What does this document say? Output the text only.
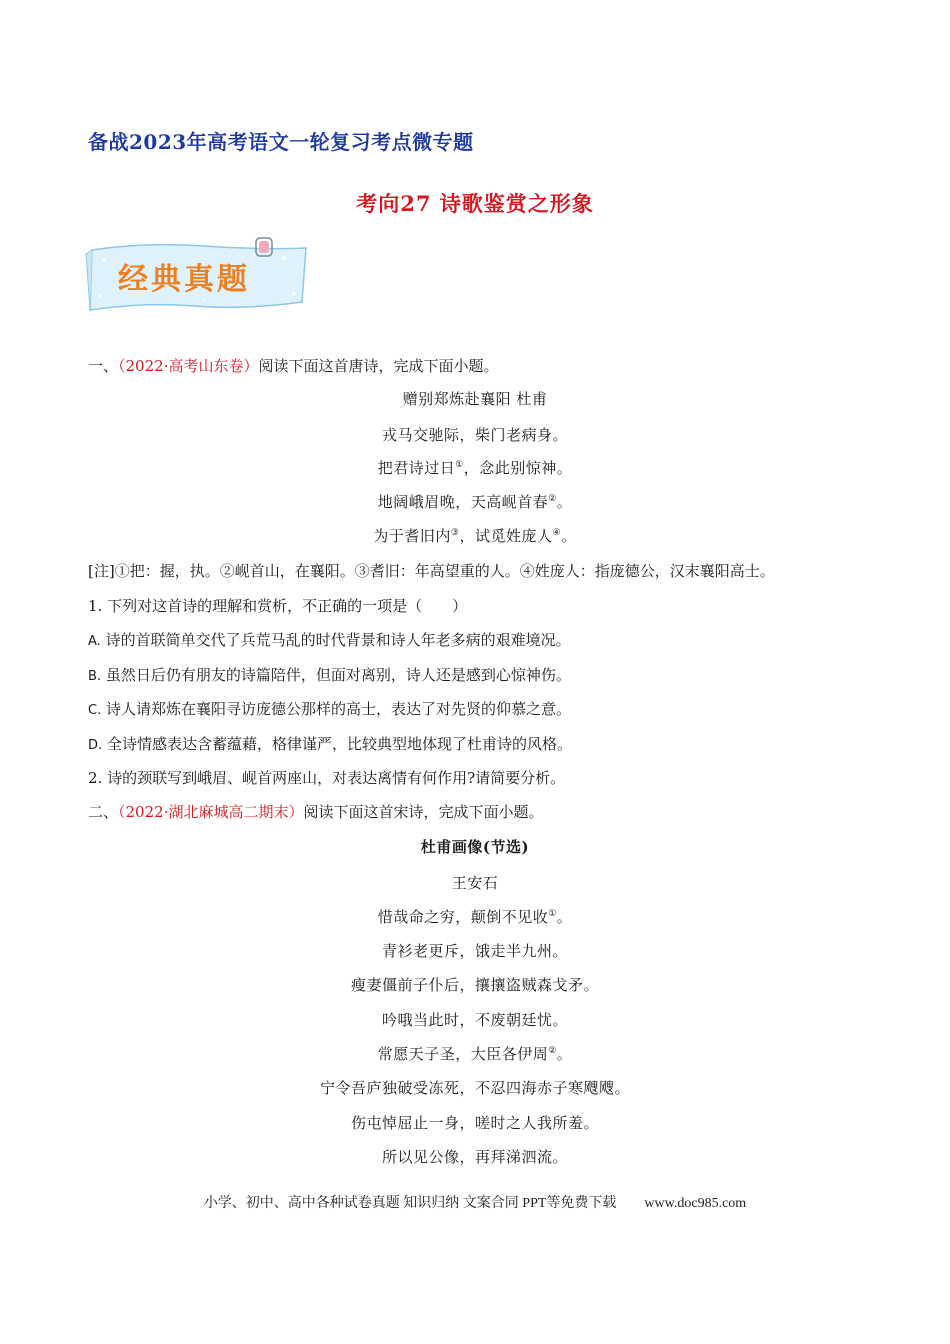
备战2023年高考语文一轮复习考点微专题
考向27 诗歌鉴赏之形象
经典真题
一、（2022·高考山东卷）阅读下面这首唐诗，完成下面小题。
赠别郑炼赴襄阳 杜甫
戎马交驰际，柴门老病身。
把君诗过日①，念此别惊神。
地阔峨眉晚，天高岘首春②。
为于耆旧内③，试觅姓庞人④。
[注]①把：握，执。②岘首山，在襄阳。③耆旧：年高望重的人。④姓庞人：指庞德公，汉末襄阳高士。
1. 下列对这首诗的理解和赏析，不正确的一项是（　　）
A. 诗的首联简单交代了兵荒马乱的时代背景和诗人年老多病的艰难境况。
B. 虽然日后仍有朋友的诗篇陪伴，但面对离别，诗人还是感到心惊神伤。
C. 诗人请郑炼在襄阳寻访庞德公那样的高士，表达了对先贤的仰慕之意。
D. 全诗情感表达含蓄蕴藉，格律谨严，比较典型地体现了杜甫诗的风格。
2. 诗的颈联写到峨眉、岘首两座山，对表达离情有何作用?请简要分析。
二、（2022·湖北麻城高二期末）阅读下面这首宋诗，完成下面小题。
杜甫画像(节选)
王安石
惜哉命之穷，颠倒不见收①。
青衫老更斥，饿走半九州。
瘦妻僵前子仆后，攘攘盗贼森戈矛。
吟哦当此时，不废朝廷忧。
常愿天子圣，大臣各伊周②。
宁令吾庐独破受冻死，不忍四海赤子寒飕飕。
伤屯悼屈止一身，嗟时之人我所羞。
所以见公像，再拜涕泗流。
小学、初中、高中各种试卷真题 知识归纳 文案合同 PPT等免费下载　　www.doc985.com
